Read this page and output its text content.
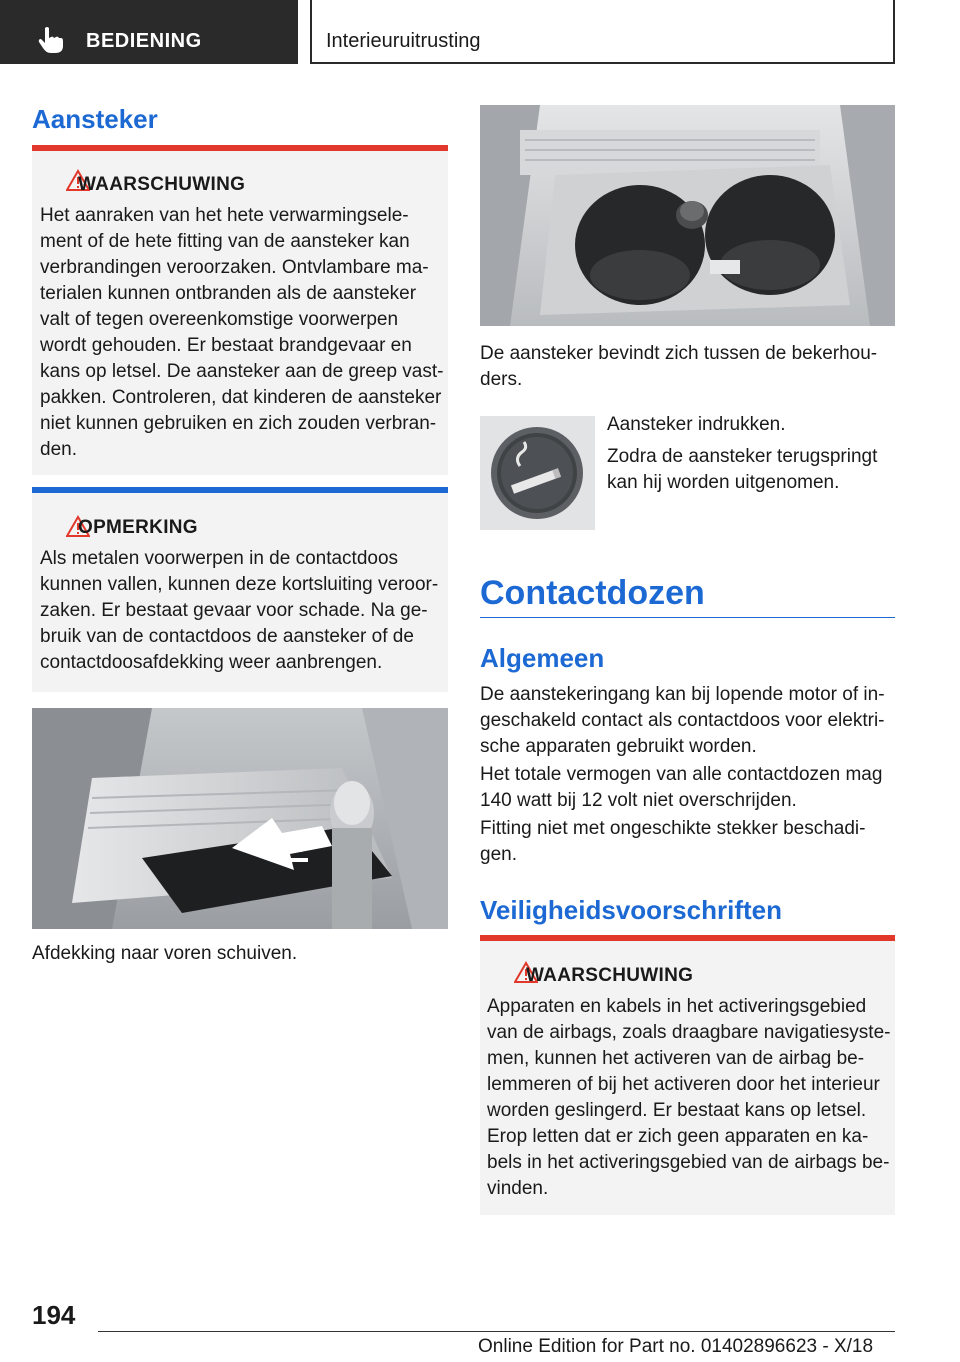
BEDIENING	Interieuruitrusting
Aansteker
WAARSCHUWING
Het aanraken van het hete verwarmingsele-
ment of de hete fitting van de aansteker kan
verbrandingen veroorzaken. Ontvlambare ma-
terialen kunnen ontbranden als de aansteker
valt of tegen overeenkomstige voorwerpen
wordt gehouden. Er bestaat brandgevaar en
kans op letsel. De aansteker aan de greep vast-
pakken. Controleren, dat kinderen de aansteker
niet kunnen gebruiken en zich zouden verbran-
den.
OPMERKING
Als metalen voorwerpen in de contactdoos
kunnen vallen, kunnen deze kortsluiting veroor-
zaken. Er bestaat gevaar voor schade. Na ge-
bruik van de contactdoos de aansteker of de
contactdoosafdekking weer aanbrengen.
Afdekking naar voren schuiven.
De aansteker bevindt zich tussen de bekerhou-
ders.
Aansteker indrukken.
Zodra de aansteker terugspringt
kan hij worden uitgenomen.
Contactdozen
Algemeen
De aanstekeringang kan bij lopende motor of in-
geschakeld contact als contactdoos voor elektri-
sche apparaten gebruikt worden.
Het totale vermogen van alle contactdozen mag
140 watt bij 12 volt niet overschrijden.
Fitting niet met ongeschikte stekker beschadi-
gen.
Veiligheidsvoorschriften
WAARSCHUWING
Apparaten en kabels in het activeringsgebied
van de airbags, zoals draagbare navigatiesyste-
men, kunnen het activeren van de airbag be-
lemmeren of bij het activeren door het interieur
worden geslingerd. Er bestaat kans op letsel.
Erop letten dat er zich geen apparaten en ka-
bels in het activeringsgebied van de airbags be-
vinden.
194
Online Edition for Part no. 01402896623 - X/18
